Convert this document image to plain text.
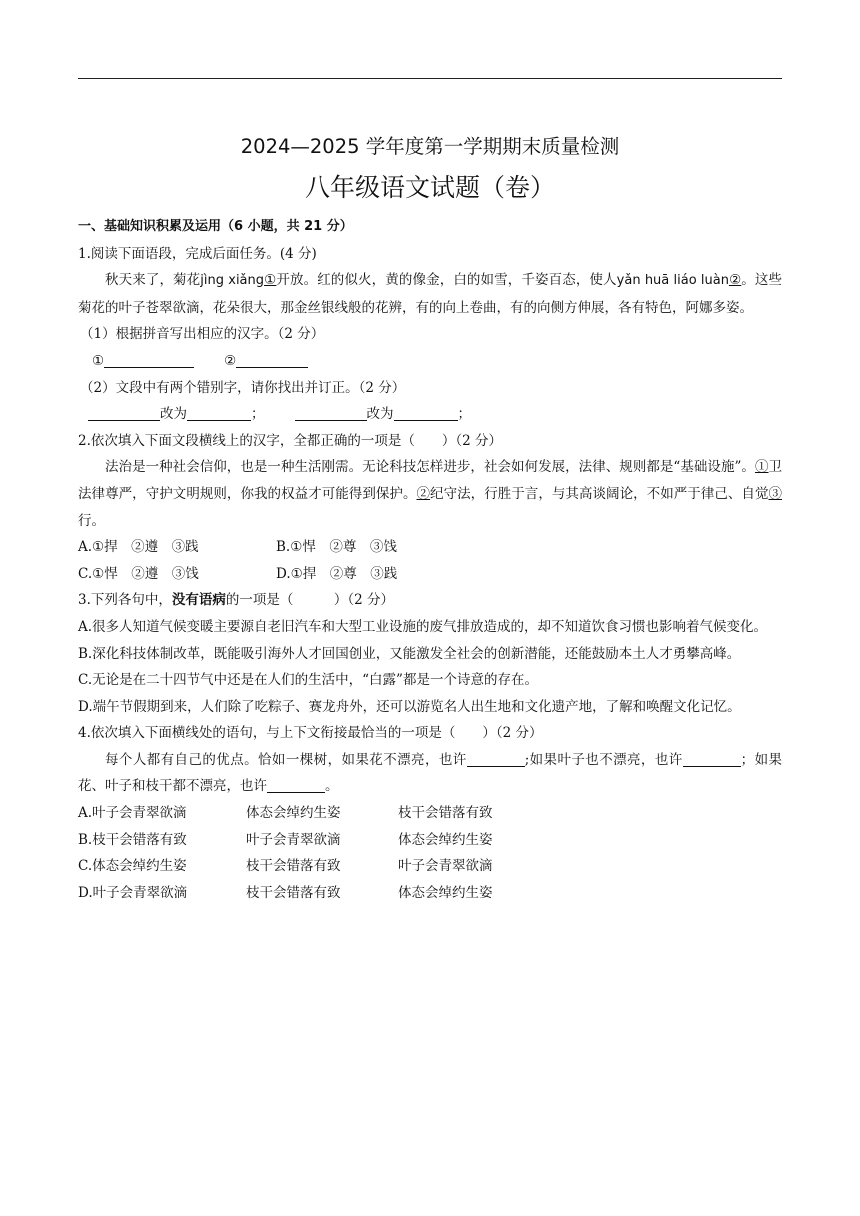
2024—2025 学年度第一学期期末质量检测
八年级语文试题（卷）

一、基础知识积累及运用（6 小题，共 21 分）

1.阅读下面语段，完成后面任务。(4 分)

秋天来了，菊花jìng xiǎng①开放。红的似火，黄的像金，白的如雪，千姿百态，使人yǎn huā liáo luàn②。这些菊花的叶子苍翠欲滴，花朵很大，那金丝银线般的花辨，有的向上卷曲，有的向侧方伸展，各有特色，阿娜多姿。

（1）根据拼音写出相应的汉字。（2 分）

①	②

（2）文段中有两个错别字，请你找出并订正。（2 分）

改为	；	改为	；

2.依次填入下面文段横线上的汉字，全都正确的一项是（　　）（2 分）

法治是一种社会信仰，也是一种生活刚需。无论科技怎样进步，社会如何发展，法律、规则都是“基础设施”。①卫法律尊严，守护文明规则，你我的权益才可能得到保护。②纪守法，行胜于言，与其高谈阔论，不如严于律己、自觉③行。

A.①捍　②遵　③践	B.①悍　②尊　③饯

C.①悍　②遵　③饯	D.①捍　②尊　③践

3.下列各句中，没有语病的一项是（　　　）（2 分）

A.很多人知道气候变暖主要源自老旧汽车和大型工业设施的废气排放造成的，却不知道饮食习惯也影响着气候变化。

B.深化科技体制改革，既能吸引海外人才回国创业，又能激发全社会的创新潜能，还能鼓励本土人才勇攀高峰。

C.无论是在二十四节气中还是在人们的生活中，“白露”都是一个诗意的存在。

D.端午节假期到来，人们除了吃粽子、赛龙舟外，还可以游览名人出生地和文化遗产地，了解和唤醒文化记忆。

4.依次填入下面横线处的语句，与上下文衔接最恰当的一项是（　　）（2 分）

每个人都有自己的优点。恰如一棵树，如果花不漂亮，也许	;如果叶子也不漂亮，也许	；如果花、叶子和枝干都不漂亮，也许	。

A.叶子会青翠欲滴	体态会绰约生姿	枝干会错落有致
B.枝干会错落有致	叶子会青翠欲滴	体态会绰约生姿
C.体态会绰约生姿	枝干会错落有致	叶子会青翠欲滴
D.叶子会青翠欲滴	枝干会错落有致	体态会绰约生姿
